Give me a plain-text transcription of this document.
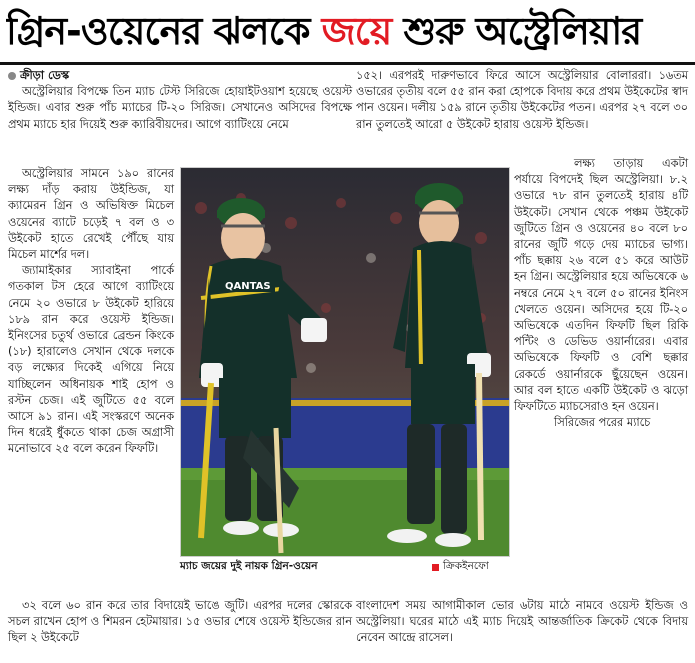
গ্রিন-ওয়েনের ঝলকে জয়ে শুরু অস্ট্রেলিয়ার
ক্রীড়া ডেস্ক

অস্ট্রেলিয়ার বিপক্ষে তিন ম্যাচ টেস্ট সিরিজে হোয়াইটওয়াশ হয়েছে ওয়েস্ট ইন্ডিজ। এবার শুরু পাঁচ ম্যাচের টি-২০ সিরিজ। সেখানেও অসিদের বিপক্ষে প্রথম ম্যাচে হার দিয়েই শুরু ক্যারিবীয়দের। আগে ব্যাটিংয়ে নেমে

অস্ট্রেলিয়ার সামনে ১৯০ রানের লক্ষ্য দাঁড় করায় উইন্ডিজ, যা ক্যামেরন গ্রিন ও অভিষিক্ত মিচেল ওয়েনের ব্যাটে চড়েই ৭ বল ও ৩ উইকেট হাতে রেখেই পৌঁছে যায় মিচেল মার্শের দল।

জ্যামাইকার স্যাবাইনা পার্কে গতকাল টস হেরে আগে ব্যাটিংয়ে নেমে ২০ ওভারে ৮ উইকেট হারিয়ে ১৮৯ রান করে ওয়েস্ট ইন্ডিজ। ইনিংসের চতুর্থ ওভারে ব্রেন্ডন কিংকে (১৮) হারালেও সেখান থেকে দলকে বড় লক্ষ্যের দিকেই এগিয়ে নিয়ে যাচ্ছিলেন অধিনায়ক শাই হোপ ও রস্টন চেজ। এই জুটিতে ৫৫ বলে আসে ৯১ রান। এই সংস্করণে অনেক দিন ধরেই ধুঁকতে থাকা চেজ অগ্রাসী মনোভাবে ২৫ বলে করেন ফিফটি।

৩২ বলে ৬০ রান করে তার বিদায়েই ভাঙে জুটি। এরপর দলের স্কোরকে সচল রাখেন হোপ ও শিমরন হেটমায়ার। ১৫ ওভার শেষে ওয়েস্ট ইন্ডিজের রান ছিল ২ উইকেটে

১৫২। এরপরই দারুণভাবে ফিরে আসে অস্ট্রেলিয়ার বোলাররা। ১৬তম ওভারের তৃতীয় বলে ৫৫ রান করা হোপকে বিদায় করে প্রথম উইকেটের স্বাদ পান ওয়েন। দলীয় ১৫৯ রানে তৃতীয় উইকেটের পতন। এরপর ২৭ বলে ৩০ রান তুলতেই আরো ৫ উইকেট হারায় ওয়েস্ট ইন্ডিজ।

লক্ষ্য তাড়ায় একটা পর্যায়ে বিপদেই ছিল অস্ট্রেলিয়া। ৮.২ ওভারে ৭৮ রান তুলতেই হারায় ৪টি উইকেট। সেখান থেকে পঞ্চম উইকেট জুটিতে গ্রিন ও ওয়েনের ৪০ বলে ৮০ রানের জুটি গড়ে দেয় ম্যাচের ভাগ্য। পাঁচ ছক্কায় ২৬ বলে ৫১ করে আউট হন গ্রিন। অস্ট্রেলিয়ার হয়ে অভিষেকে ৬ নম্বরে নেমে ২৭ বলে ৫০ রানের ইনিংস খেলতে ওয়েন। অসিদের হয়ে টি-২০ অভিষেকে এতদিন ফিফটি ছিল রিকি পন্টিং ও ডেভিড ওয়ার্নারের। এবার অভিষেকে ফিফটি ও বেশি ছক্কার রেকর্ডে ওয়ার্নারকে ছুঁয়েছেন ওয়েন। আর বল হাতে একটি উইকেট ও ঝড়ো ফিফটিতে ম্যাচসেরাও হন ওয়েন।

সিরিজের পরের ম্যাচে

বাংলাদেশ সময় আগামীকাল ভোর ৬টায় মাঠে নামবে ওয়েস্ট ইন্ডিজ ও অস্ট্রেলিয়া। ঘরের মাঠে এই ম্যাচ দিয়েই আন্তর্জাতিক ক্রিকেট থেকে বিদায় নেবেন আন্দ্রে রাসেল।

QANTAS
ম্যাচ জয়ের দুই নায়ক গ্রিন-ওয়েন	ক্রিকইনফো
